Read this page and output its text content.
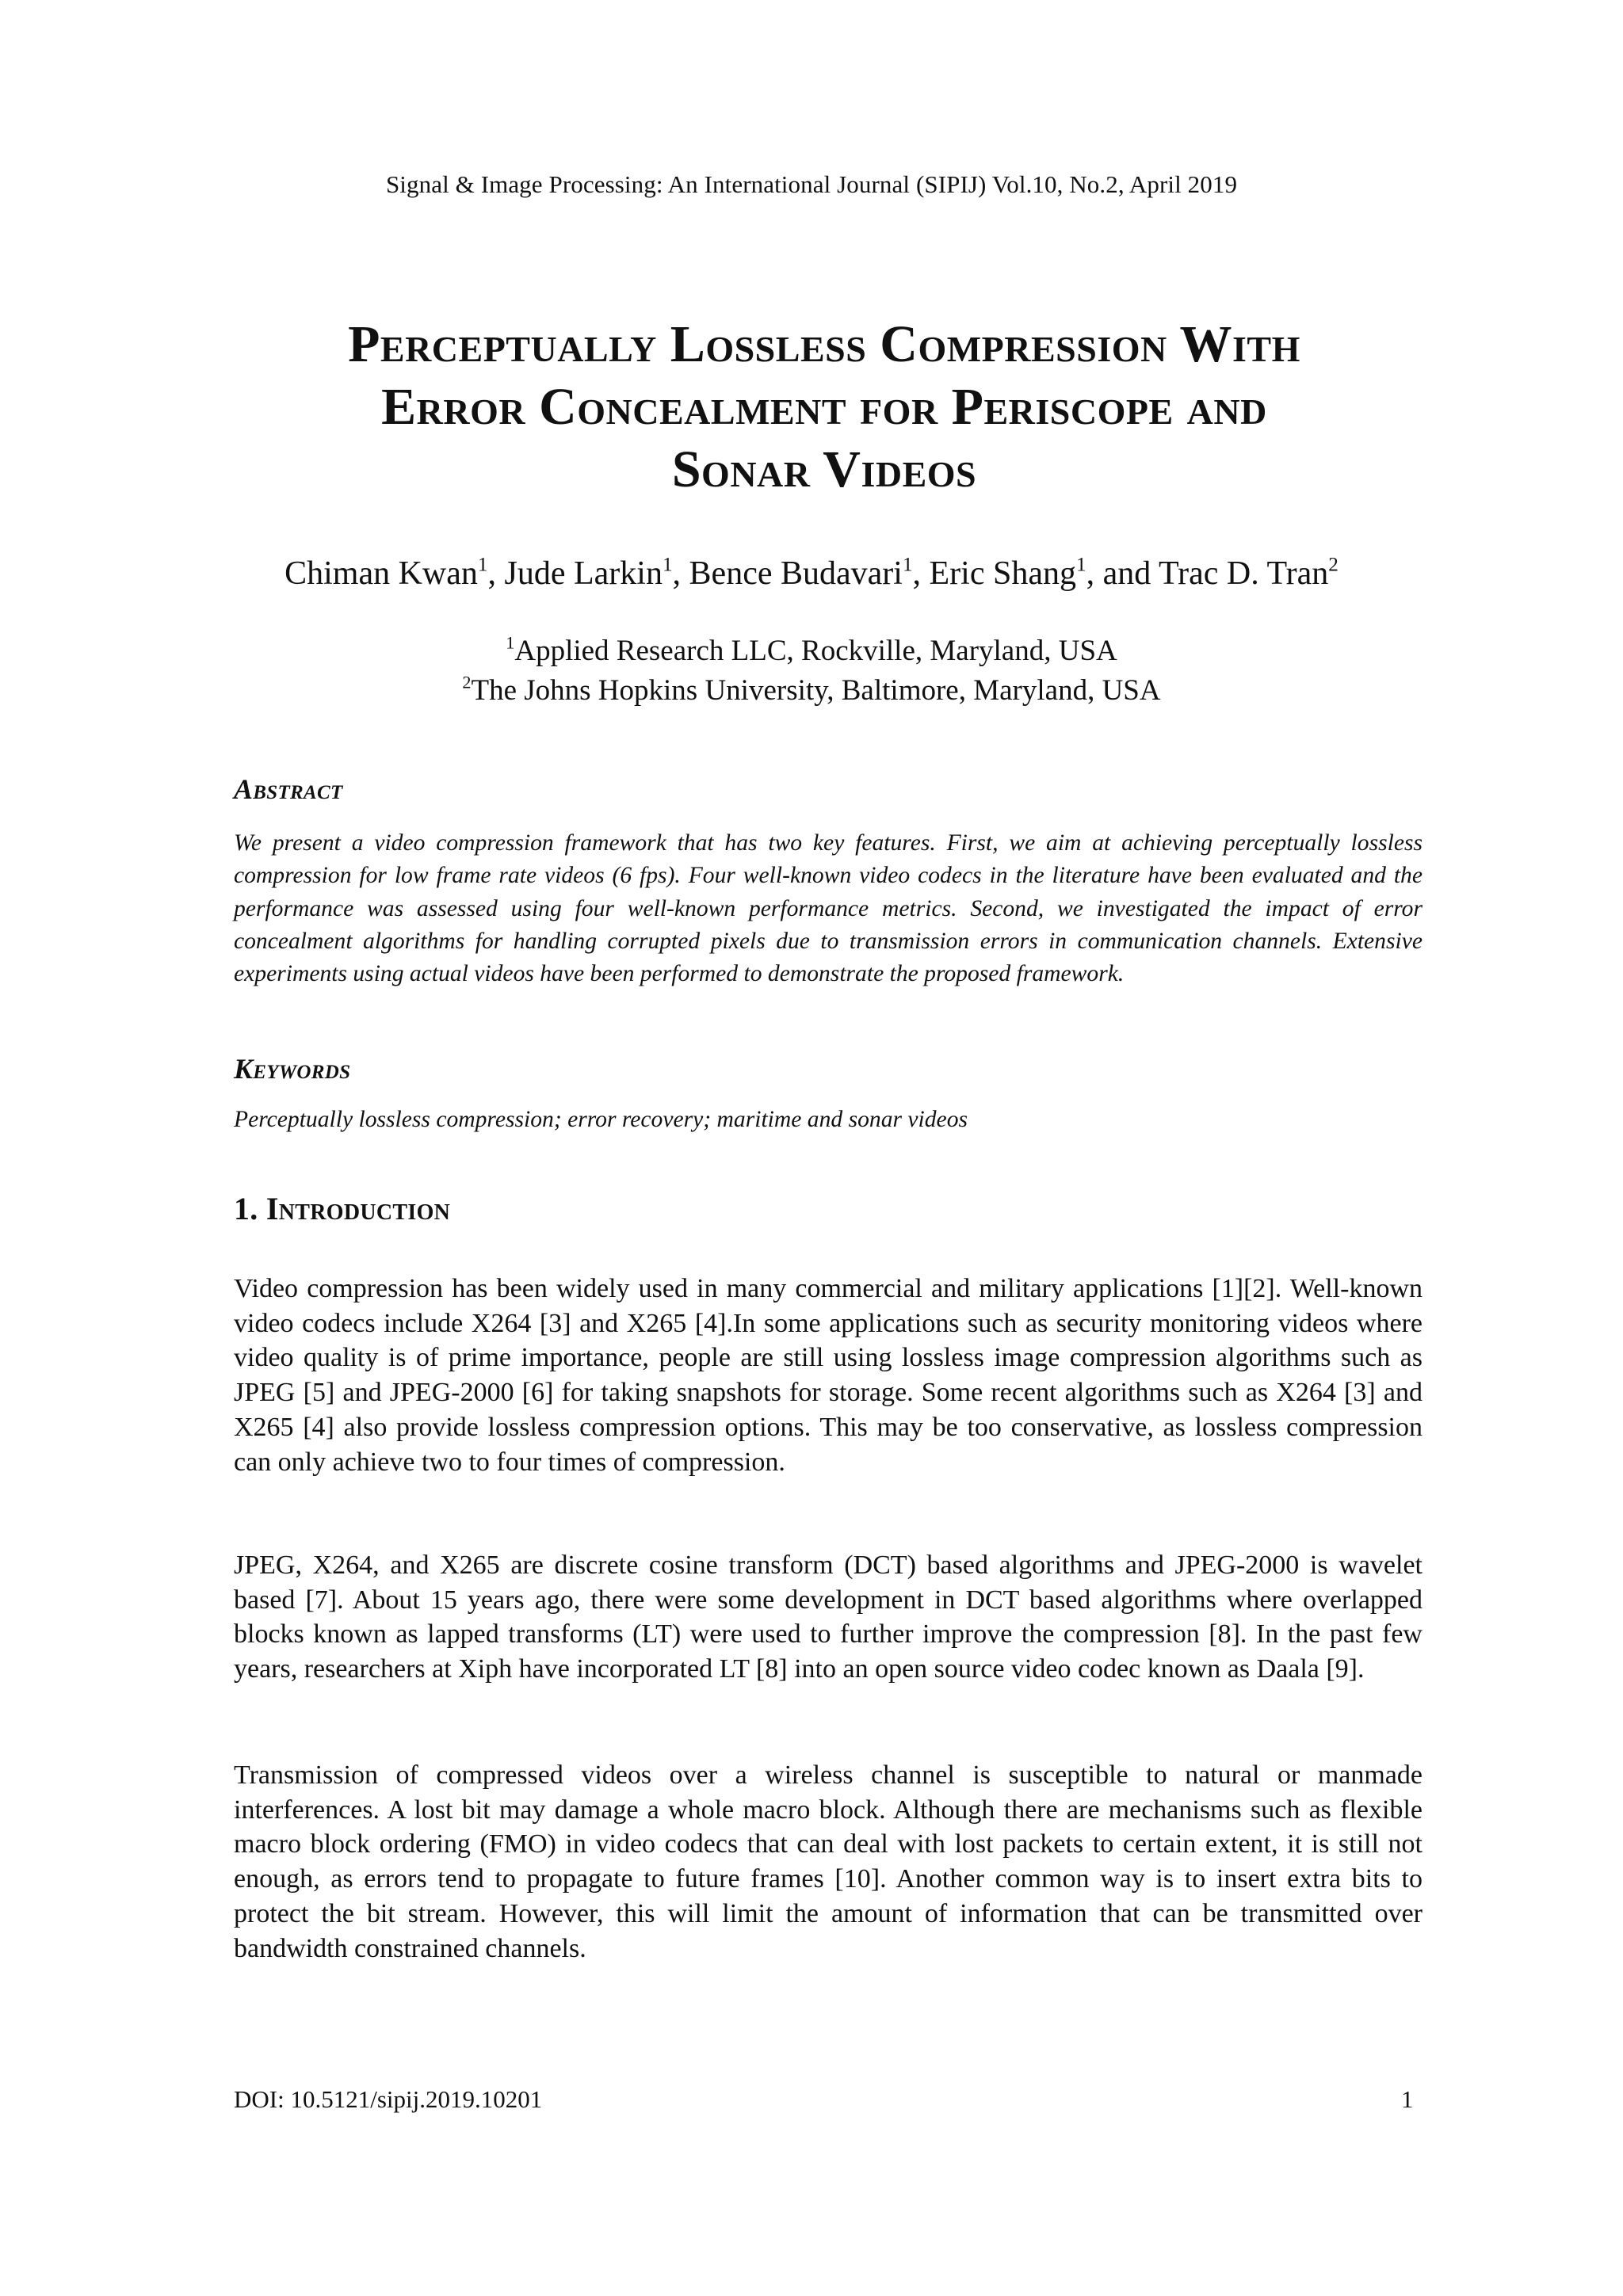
Signal & Image Processing: An International Journal (SIPIJ) Vol.10, No.2, April 2019
Perceptually Lossless Compression With
Error Concealment for Periscope and
Sonar Videos
Chiman Kwan$^1$, Jude Larkin$^1$, Bence Budavari$^1$, Eric Shang$^1$, and Trac D. Tran$^2$
$^1$Applied Research LLC, Rockville, Maryland, USA
$^2$The Johns Hopkins University, Baltimore, Maryland, USA
Abstract
We present a video compression framework that has two key features. First, we aim at achieving perceptually lossless compression for low frame rate videos (6 fps). Four well-known video codecs in the literature have been evaluated and the performance was assessed using four well-known performance metrics. Second, we investigated the impact of error concealment algorithms for handling corrupted pixels due to transmission errors in communication channels. Extensive experiments using actual videos have been performed to demonstrate the proposed framework.
Keywords
Perceptually lossless compression; error recovery; maritime and sonar videos
1. Introduction
Video compression has been widely used in many commercial and military applications [1][2]. Well-known video codecs include X264 [3] and X265 [4].In some applications such as security monitoring videos where video quality is of prime importance, people are still using lossless image compression algorithms such as JPEG [5] and JPEG-2000 [6] for taking snapshots for storage. Some recent algorithms such as X264 [3] and X265 [4] also provide lossless compression options. This may be too conservative, as lossless compression can only achieve two to four times of compression.
JPEG, X264, and X265 are discrete cosine transform (DCT) based algorithms and JPEG-2000 is wavelet based [7]. About 15 years ago, there were some development in DCT based algorithms where overlapped blocks known as lapped transforms (LT) were used to further improve the compression [8]. In the past few years, researchers at Xiph have incorporated LT [8] into an open source video codec known as Daala [9].
Transmission of compressed videos over a wireless channel is susceptible to natural or manmade interferences. A lost bit may damage a whole macro block. Although there are mechanisms such as flexible macro block ordering (FMO) in video codecs that can deal with lost packets to certain extent, it is still not enough, as errors tend to propagate to future frames [10]. Another common way is to insert extra bits to protect the bit stream. However, this will limit the amount of information that can be transmitted over bandwidth constrained channels.
DOI: 10.5121/sipij.2019.10201	1
